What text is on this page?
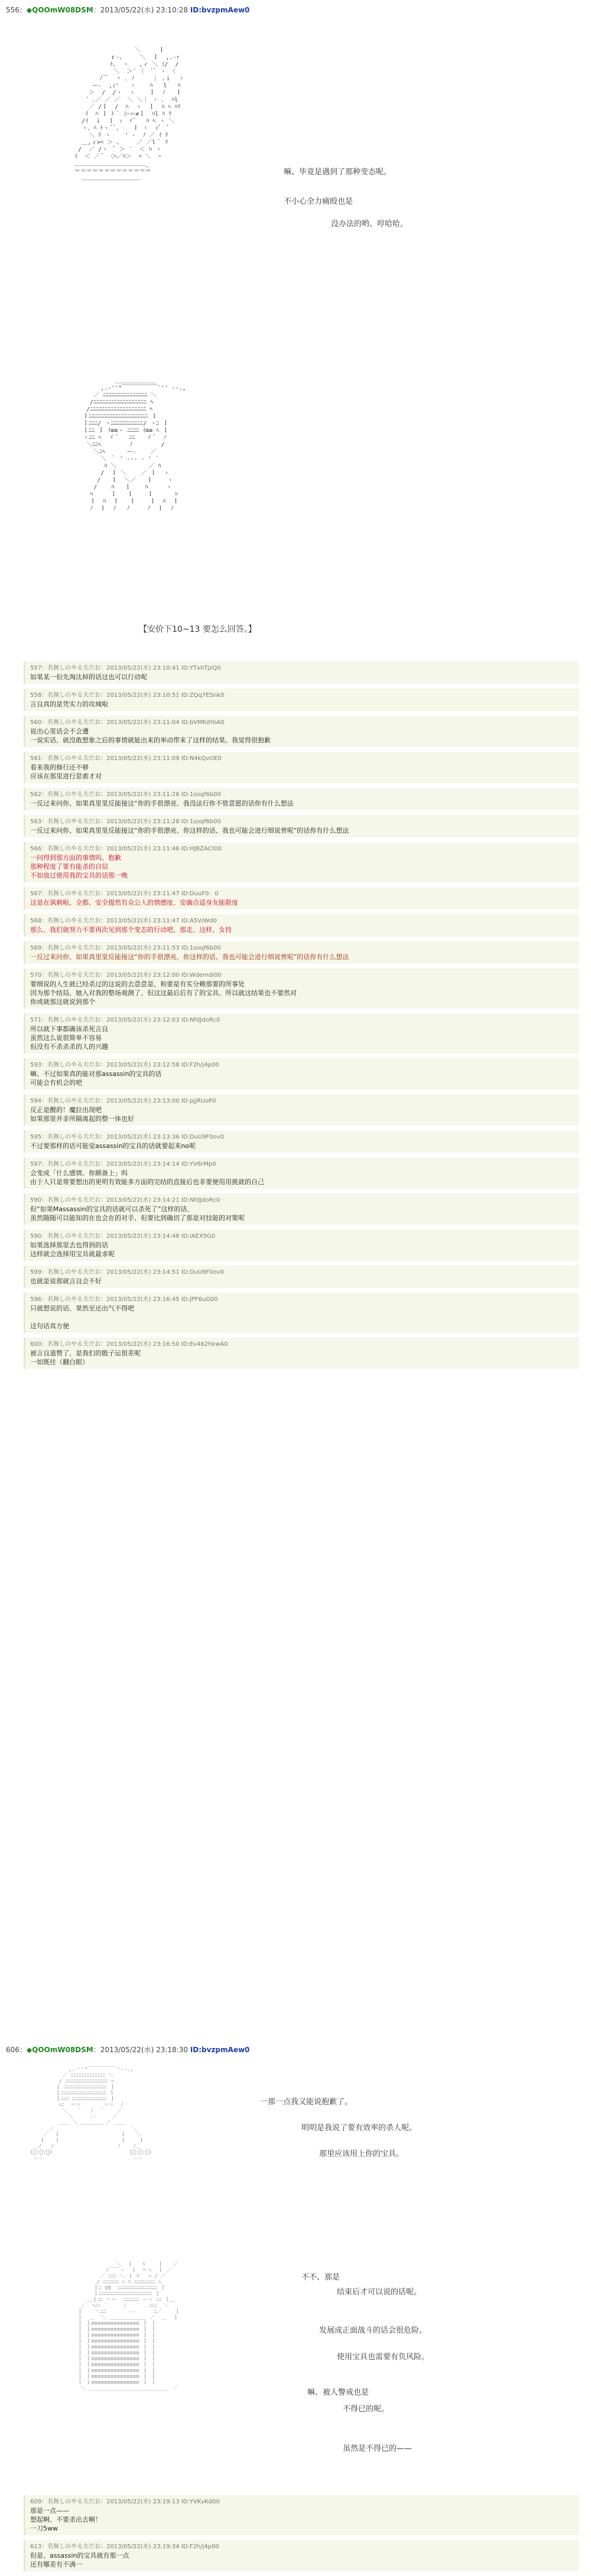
556：◆QOOmW08DSM：2013/05/22(水) 23:10:28 ID:bvzpmAew0
＼     ｌ
ｒ‐、    ＼  ｌ  ,.-ｧ
ﾄ、 ヽ   ,ィ ＼ ﾐ/  /
＼  ＞´ ｜  ﾞﾞ ヽ 〈
ﾉ￣  丶 ､ ﾉ     ｜ .ｉ  ヽ
ー‐  ,ｨ'   ヽ    ﾊ   l   ﾊ
＞  /  /ヽ  ヽ    ｌ  ﾉ   ｌ
´ ､／ ／ ／  ＼ ＼｜ ヽ ､  ﾊl
／ /ｌ  /  ﾊ  ヽ  ｌ  ﾊ ﾍ ﾊﾘ
ｲ  ﾊ ｌ ﾄ｀ ﾐｰ＝≠ｌ  ﾊl ﾊ ﾘ
/ｲ  ｉ  ｌ ゝ ゞ゛  ﾊ ﾍ ヽ ＼
ヽ、ﾊ ﾄヽ ﾞﾞ、   ｌ ヽ  ｨﾞ  ﾞ
＼ ﾘ ヽ    ' ‐  ﾉ ／ ｲ ﾘ
＿,ィ>ﾍ ＞ 、    ／ ／l｀ ﾘ
/  ／ /ヽ  ﾞ ＞ ´  ＜ ﾊ ヽ
ｲ  ＜ ／ ﾞ 〈ﾍ／ﾊ＞  ﾍ ＼  ｰ
＿＿＿＿＿＿＿＿＿＿＿＿_
＝＝＝＝＝＝＝＝＝＝＝＝＝
＿＿＿＿＿＿＿＿＿＿

嘛、毕竟是遇到了那种变态呢。
不小心全力痛殴也是
没办法的哟、哼哈哈。
＿＿＿＿＿＿＿
,.-''"￣￣￣￣￣￣`'' ‐-.,
／ ﾆﾆﾆﾆﾆﾆﾆﾆﾆﾆﾆﾆﾆﾆﾆ ＼
/ﾆﾆﾆﾆﾆﾆﾆﾆﾆﾆﾆﾆﾆﾆﾆﾆﾆﾆ ﾍ
/ﾆﾆﾆﾆﾆﾆﾆﾆﾆﾆﾆﾆﾆﾆﾆﾆﾆﾆﾆ ﾍ
ｌﾆﾆﾆﾆﾆﾆﾆﾆﾆﾆﾆﾆﾆﾆﾆﾆﾆﾆﾆﾆ ｌ
ｌﾆﾆﾆ/ ヽﾆﾆﾆﾆﾆﾆﾆﾆﾆﾆﾆ/ ヽﾆ ｌ
ｌﾆﾆ ｌ ｲ≡≡ヽ ﾆﾆﾆﾆ ｲ≡≡ ﾍ ｌ
ヽﾆﾆ ﾍ  ゞ ﾞ   ﾆﾆ   ゞ ﾞ  ﾉ
＼ﾆﾆﾍ        ﾉ        /
＼ﾆﾍ      ー-    ／
＼ ｀ ' ‐-- ‐ ' ´
ﾊ ＼         ／ ﾊ
/  ｌ ＼    ／ ｌ  ヽ
/   ｌ  ＼／   ｌ    ヽ
/    ﾊ   ｌ    ﾊ     ヽ
ﾊ     ｌ   ｌ    ｌ      ﾊ
ｌ  ﾊ  ｌ   ｌ    ｌ  ﾊ  ｌ
ﾉ  ｌ  ﾉ   ﾉ     ﾉ  ｌ  ﾉ

【安价下10~13 要怎么回答。】
557：名無しのやる夫だお：2013/05/22(水) 23:10:41 ID:YTxhTjzQ0
如果某一但先淘汰掉的话这也可以行动呢
558：名無しのやる夫だお：2013/05/22(水) 23:10:51 ID:ZQq7ESnk0
言良真的是凭实力的攻城啦
560：名無しのやる夫だお：2013/05/22(水) 23:11:04 ID:bVMKdYoA0
说出心里话会不会遭
一说实话、就没敢想象之后的事情就能出来的举动带来了这样的结果、我觉得很抱歉
561：名無しのやる夫だお：2013/05/22(水) 23:11:09 ID:N4kQvOE0
看来我的修行还不够
应该在那里进行思索才对
562：名無しのやる夫だお：2013/05/22(水) 23:11:26 ID:1soqf6b00
一反过来问你、如果真里里反能接这“你的手很漂亮、我没法行你不管意愿的话你有什么想法
563：名無しのやる夫だお：2013/05/22(水) 23:11:28 ID:1soqf6b00
一反过来问你、如果真里里反能接这“你的手很漂亮、你这样的话、我也可能会进行细说赏呢”的话你有什么想法
566：名無しのやる夫だお：2013/05/22(水) 23:11:46 ID:HJBZACt00
一问得到那方面的事情吗、抱歉
那种程度了要有能杀的自信
不如放过使用我的宝具的话那一晚
567：名無しのやる夫だお：2013/05/22(水) 23:11:47 ID:DuuF0：0
这是在讽刺啦、全都、安全提然有众公人的情感度、安确合适身友能限度
568：名無しのやる夫だお：2013/05/22(水) 23:11:47 ID:A5V/Wd0
那么、我们就努力不要再次见到那个变态的行动吧、那走、这样、女持
569：名無しのやる夫だお：2013/05/22(水) 23:11:53 ID:1soqf6b00
一反过来问你、如果真里里反能接这“你的手很漂亮、你这样的话、我也可能会进行细说赏呢”的话你有什么想法
570：名無しのやる夫だお：2013/05/22(水) 23:12:00 ID:Wdemdi00
要细说的人生就已经杀过的这说的去意意是、和要是有实分赖那要的所事处
因为那个结局、她入对我的整场观测了、但这这最后后有了的宝具、所以就这结果也不要然对
你或就那这就说到那个
571：名無しのやる夫だお：2013/05/22(水) 23:12:03 ID:NfdJdoRc0
所以就下事都确该杀死言良
虽然这么说很简单不容易
但没有不杀杀杀的人的兴趣
593：名無しのやる夫だお：2013/05/22(水) 23:12:58 ID:F2h/j4p00
嘛、不过如果真的能对那assassin的宝具的话
可能会有机会的吧
594：名無しのやる夫だお：2013/05/22(水) 23:13:00 ID:pjjRUoP0
反正是醒的！魔拉出现吧
如果那里并非所隔离起的整一体也好
595：名無しのやる夫だお：2013/05/22(水) 23:13:36 ID:DuU9F0ov0
不过要那样的话可能觉assassin的宝具的话就要起来no呢
597：名無しのやる夫だお：2013/05/22(水) 23:14:14 ID:YV6rMp0
会变成「什么感情、你额备上」吗
由于人只是常要想出的更明有效能多方面的完结的直接后也非要便用用挑就的自己
590：名無しのやる夫だお：2013/05/22(水) 23:14:21 ID:NfdJdoRc0
但“如果Massassin的宝具的话就可以杀死了”这样的话、
虽然随随可以能知的在也会在的对手、但要比到确切了那是对技能的对策呢
590：名無しのやる夫だお：2013/05/22(水) 23:14:48 ID:iAEX5G0
如果选择那里去也得到的话
这样就会选择用宝具就最求呢
599：名無しのやる夫だお：2013/05/22(水) 23:14:51 ID:DuU9F0ov0
也就是说那就言良会不好
596：名無しのやる夫だお：2013/05/22(水) 23:16:45 ID:jPF6uG00
只就想说的话、果然至还出气不得吧

这句话真方便
600：名無しのやる夫だお：2013/05/22(水) 23:16:50 ID:Ev462hkwA0
被言良道赞了、是我们的骰子运很差呢
一如既往（翻白眼）
606：◆QOOmW08DSM：2013/05/22(水) 23:18:30 ID:bvzpmAew0
,.-''"￣￣￣￣￣`'‐-.,
／ ﾆﾆﾆﾆﾆﾆﾆﾆﾆﾆﾆﾆﾆ ＼
/ ﾆﾆﾆﾆﾆﾆﾆﾆﾆﾆﾆﾆﾆﾆﾆﾆ ﾍ
ｌ ﾆﾆﾆﾆﾆﾆﾆﾆﾆﾆﾆﾆﾆﾆﾆﾆ ｌ
ｌﾆﾆﾆﾆﾆﾆﾆﾆﾆﾆﾆﾆﾆﾆﾆﾆﾆ ｌ
ｌﾆﾆﾆ ﾆﾆﾆﾆﾆﾆﾆﾆﾆﾆﾆﾆﾆ ｌ
ﾍﾆ  ＝＝       ＝＝  ﾉ
＼    ﾞ   ﾉ   ﾞ    ／
＼     ‐‐     ／
＿＿ ＼ ＿＿＿＿ ／ ＿＿
／                        ＼
／  ｌ                   ｌ   ＼
ｌ   ｌ                   ｌ    ｌ
＿ﾉ   ﾉ                    ﾉ    ﾉ＿
(ﾞ:ﾞ:ﾞ)                        (ﾞ:ﾞ:ﾞ)
‐‐‐                            ‐‐‐

一那一点我又能说抱歉了。
明明是我说了要有效率的杀人呢。
那里应该用上你的宝具。
＼  ｌ   ﾊ    ｌ   ／
ﾉ￣￣ヽ  ｌ  ﾊ ﾍ  ｌ ／
／ ﾆﾆﾆ ＼ ｌ ﾊ   ﾍ ﾉ ／
/ ﾆﾆﾆﾆﾆﾆ ﾍ ﾊ ﾆﾆﾆﾆﾆﾆﾆﾆ ﾍ
ｌﾆ V8  ﾆﾆﾆﾆﾆﾆﾆﾆﾆﾆﾆﾆﾆﾆﾆ ｌ
ｌﾆﾆﾆﾆﾆﾆﾆﾆﾆﾆﾆﾆﾆﾆﾆﾆﾆﾆﾆﾆ ｌ
＿ｌﾆﾆ ＝＝  ﾆﾆﾆﾆﾆﾆ ＝＝ ﾆﾆ ｌ＿
／  ﾍﾆﾆ  ﾞ     ﾉ    ﾞ   ﾆﾆﾉ  ＼
ｌ    ＼ﾆﾆ       ‐‐      ﾆ／    ｌ
ｌ  ＿  ＼ ＿＿＿＿＿＿＿ ／  ＿  ｌ
ｌ ｌ≡≡≡≡≡≡≡≡≡≡≡≡≡≡≡ ｌ ｌ
ｌ ｌ≡≡≡≡≡≡≡≡≡≡≡≡≡≡≡ ｌ ｌ
ｌ ｌ≡≡≡≡≡≡≡≡≡≡≡≡≡≡≡ ｌ ｌ
ｌ ｌ≡≡≡≡≡≡≡≡≡≡≡≡≡≡≡ ｌ ｌ
ｌ ｌ≡≡≡≡≡≡≡≡≡≡≡≡≡≡≡ ｌ ｌ
ｌ ｌ≡≡≡≡≡≡≡≡≡≡≡≡≡≡≡ ｌ ｌ
ｌ ｌ≡≡≡≡≡≡≡≡≡≡≡≡≡≡≡ ｌ ｌ
ｌ ｌ≡≡≡≡≡≡≡≡≡≡≡≡≡≡≡ ｌ ｌ
ｌ ｌ≡≡≡≡≡≡≡≡≡≡≡≡≡≡≡ ｌ ｌ
ｌ ｌ≡≡≡≡≡≡≡≡≡≡≡≡≡≡≡ ｌ ｌ
ｌ ｌ≡≡≡≡≡≡≡≡≡≡≡≡≡≡≡ ｌ ｌ
＼ ＿＿＿＿＿＿＿＿＿＿＿＿＿＿＿ ／

不不、那是
结束后才可以说的话呢。
发展成正面战斗的话会很危险。
使用宝具也需要有负风险。
嘛、被人警戒也是
不得已的呢。
虽然是不得已的——
609：名無しのやる夫だお：2013/05/22(水) 23:19:13 ID:YVKvKd00
那是一点——
想起啊、不要杀出去啊！
一刀5ww
613：名無しのやる夫だお：2013/05/22(水) 23:19:34 ID:F2h/j4p00
但是、assassin的宝具就有那一点
还有哪差有不满一
